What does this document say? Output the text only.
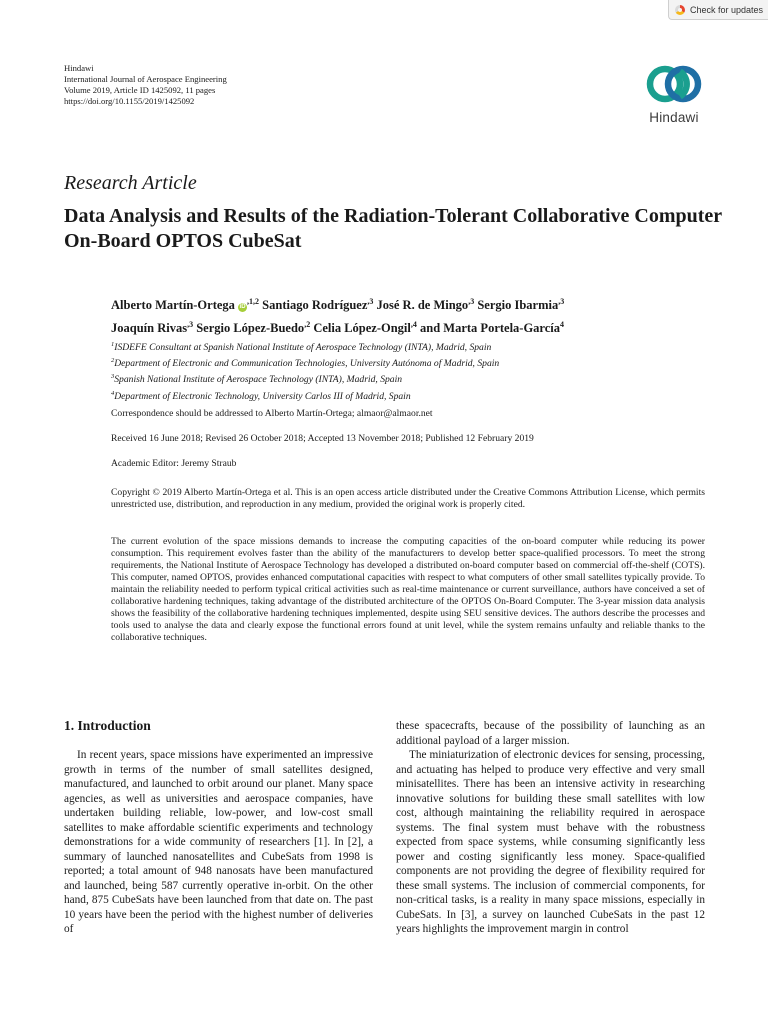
Check for updates
Hindawi
International Journal of Aerospace Engineering
Volume 2019, Article ID 1425092, 11 pages
https://doi.org/10.1155/2019/1425092
Hindawi
Research Article
Data Analysis and Results of the Radiation-Tolerant Collaborative Computer On-Board OPTOS CubeSat
Alberto Martín-Ortega $iD^{,1,2}$ Santiago Rodríguez$^{,3}$ José R. de Mingo$^{,3}$ Sergio Ibarmia$^{,3}$
Joaquín Rivas$^{,3}$ Sergio López-Buedo$^{,2}$ Celia López-Ongil$^{,4}$ and Marta Portela-García$^4$
$^1$ISDEFE Consultant at Spanish National Institute of Aerospace Technology (INTA), Madrid, Spain
$^2$Department of Electronic and Communication Technologies, University Autónoma of Madrid, Spain
$^3$Spanish National Institute of Aerospace Technology (INTA), Madrid, Spain
$^4$Department of Electronic Technology, University Carlos III of Madrid, Spain
Correspondence should be addressed to Alberto Martín-Ortega; almaor@almaor.net
Received 16 June 2018; Revised 26 October 2018; Accepted 13 November 2018; Published 12 February 2019
Academic Editor: Jeremy Straub
Copyright © 2019 Alberto Martín-Ortega et al. This is an open access article distributed under the Creative Commons Attribution License, which permits unrestricted use, distribution, and reproduction in any medium, provided the original work is properly cited.
The current evolution of the space missions demands to increase the computing capacities of the on-board computer while reducing its power consumption. This requirement evolves faster than the ability of the manufacturers to develop better space-qualified processors. To meet the strong requirements, the National Institute of Aerospace Technology has developed a distributed on-board computer based on commercial off-the-shelf (COTS). This computer, named OPTOS, provides enhanced computational capacities with respect to what computers of other small satellites typically provide. To maintain the reliability needed to perform typical critical activities such as real-time maintenance or current surveillance, authors have conceived a set of collaborative hardening techniques, taking advantage of the distributed architecture of the OPTOS On-Board Computer. The 3-year mission data analysis shows the feasibility of the collaborative hardening techniques implemented, despite using SEU sensitive devices. The authors describe the processes and tools used to analyse the data and clearly expose the functional errors found at unit level, while the system remains unfaulty and reliable thanks to the collaborative techniques.
1. Introduction

In recent years, space missions have experimented an impressive growth in terms of the number of small satellites designed, manufactured, and launched to orbit around our planet. Many space agencies, as well as universities and aerospace companies, have undertaken building reliable, low-power, and low-cost small satellites to make affordable scientific experiments and technology demonstrations for a wide community of researchers [1]. In [2], a summary of launched nanosatellites and CubeSats from 1998 is reported; a total amount of 948 nanosats have been manufactured and launched, being 587 currently operative in-orbit. On the other hand, 875 CubeSats have been launched from that date on. The past 10 years have been the period with the highest number of deliveries of

these spacecrafts, because of the possibility of launching as an additional payload of a larger mission.

The miniaturization of electronic devices for sensing, processing, and actuating has helped to produce very effective and very small minisatellites. There has been an intensive activity in researching innovative solutions for building these small satellites with low cost, although maintaining the reliability required in aerospace systems. The final system must behave with the robustness expected from space systems, while consuming significantly less power and costing significantly less money. Space-qualified components are not providing the degree of flexibility required for these small systems. The inclusion of commercial components, for non-critical tasks, is a reality in many space missions, especially in CubeSats. In [3], a survey on launched CubeSats in the past 12 years highlights the improvement margin in control
